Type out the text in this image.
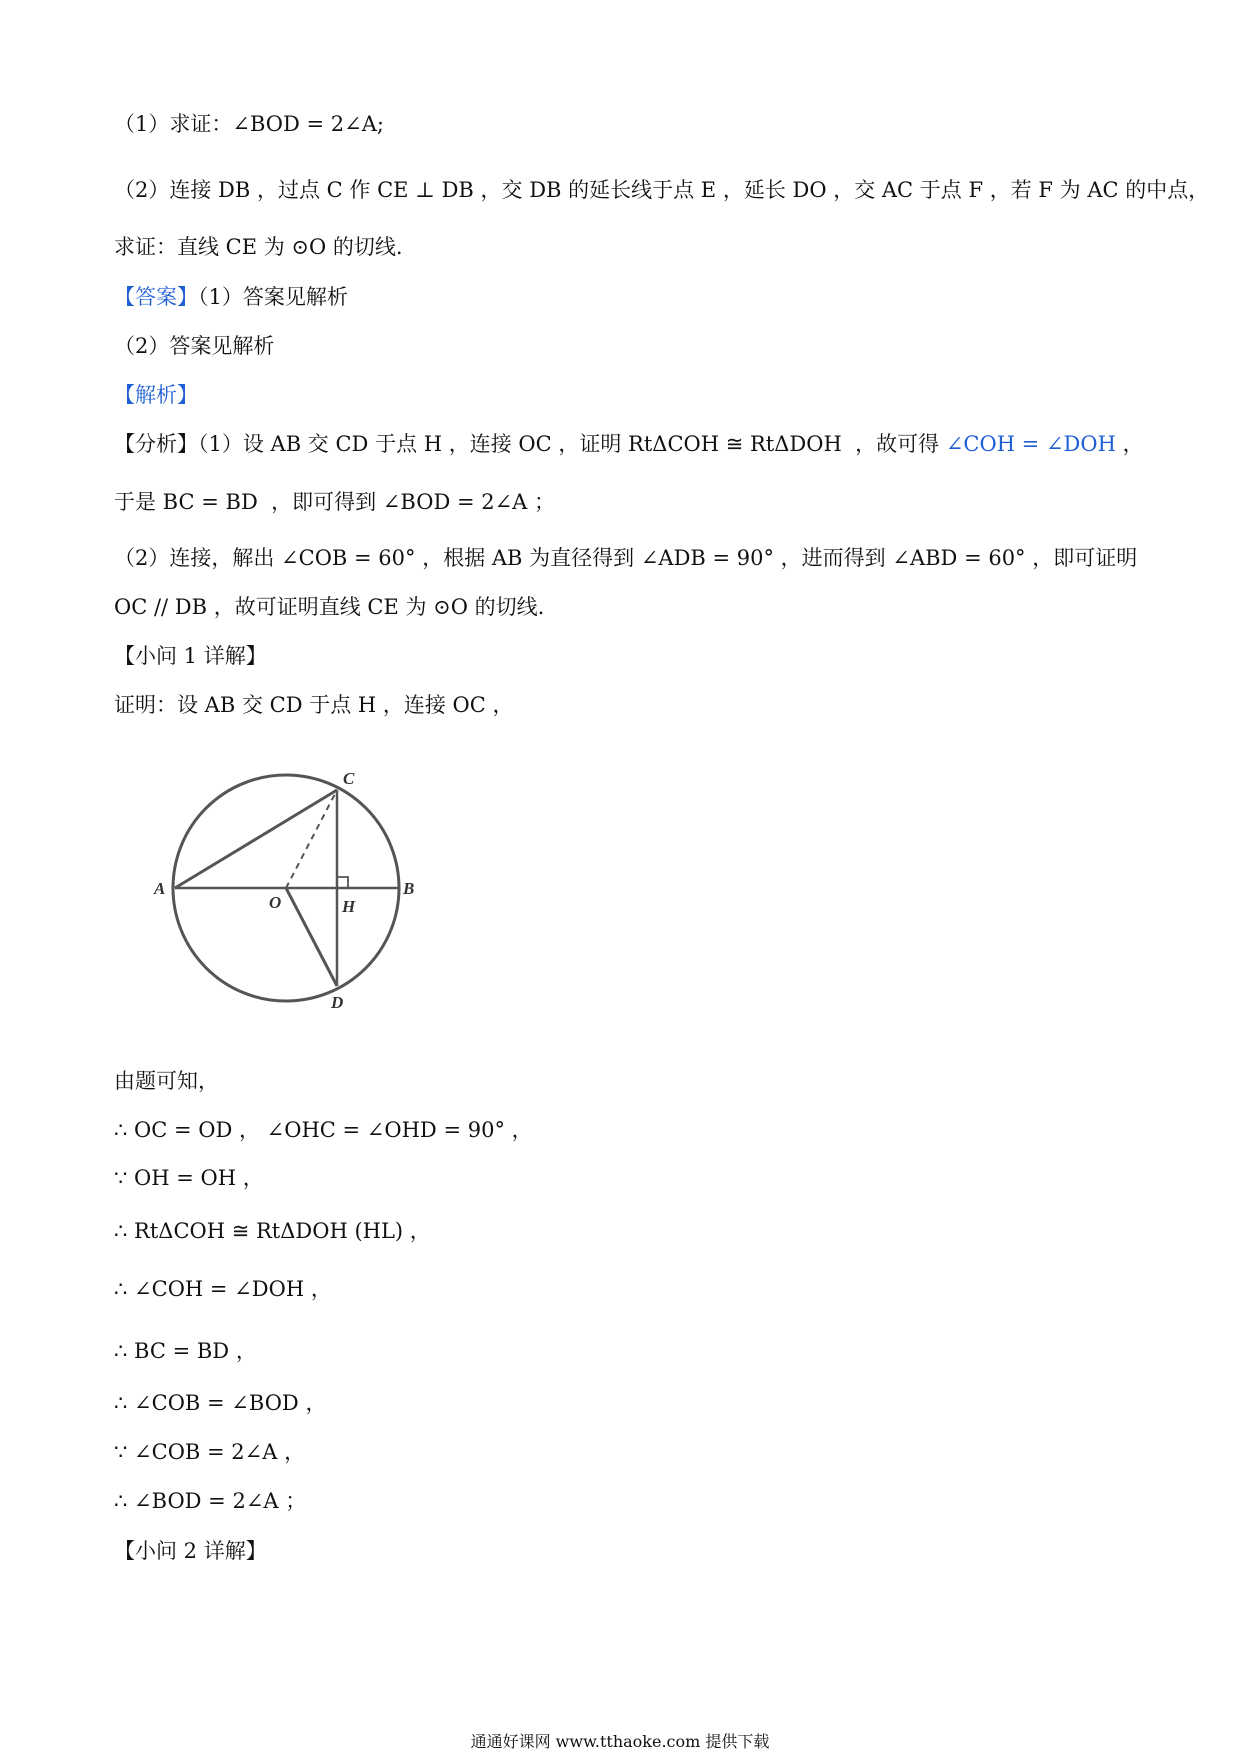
（1）求证：∠BOD = 2∠A;
（2）连接 DB ，过点 C 作 CE ⊥ DB ，交 DB 的延长线于点 E ，延长 DO ，交 AC 于点 F ，若 F 为 AC 的中点，
求证：直线 CE 为 ⊙O 的切线.
【答案】（1）答案见解析
（2）答案见解析
【解析】
【分析】（1）设 AB 交 CD 于点 H ，连接 OC ，证明 RtΔCOH ≅ RtΔDOH  ，故可得 ∠COH = ∠DOH ，
于是 BC = BD  ，即可得到 ∠BOD = 2∠A ；
（2）连接，解出 ∠COB = 60° ，根据 AB 为直径得到 ∠ADB = 90° ，进而得到 ∠ABD = 60° ，即可证明
OC // DB ，故可证明直线 CE 为 ⊙O 的切线.
【小问 1 详解】
证明：设 AB 交 CD 于点 H ，连接 OC ，
A	B
C
D
O	H
由题可知，
∴ OC = OD ， ∠OHC = ∠OHD = 90° ，
∵ OH = OH ，
∴ RtΔCOH ≅ RtΔDOH (HL) ，
∴ ∠COH = ∠DOH ，
∴ BC = BD ，
∴ ∠COB = ∠BOD ，
∵ ∠COB = 2∠A ，
∴ ∠BOD = 2∠A ；
【小问 2 详解】
通通好课网 www.tthaoke.com 提供下载
